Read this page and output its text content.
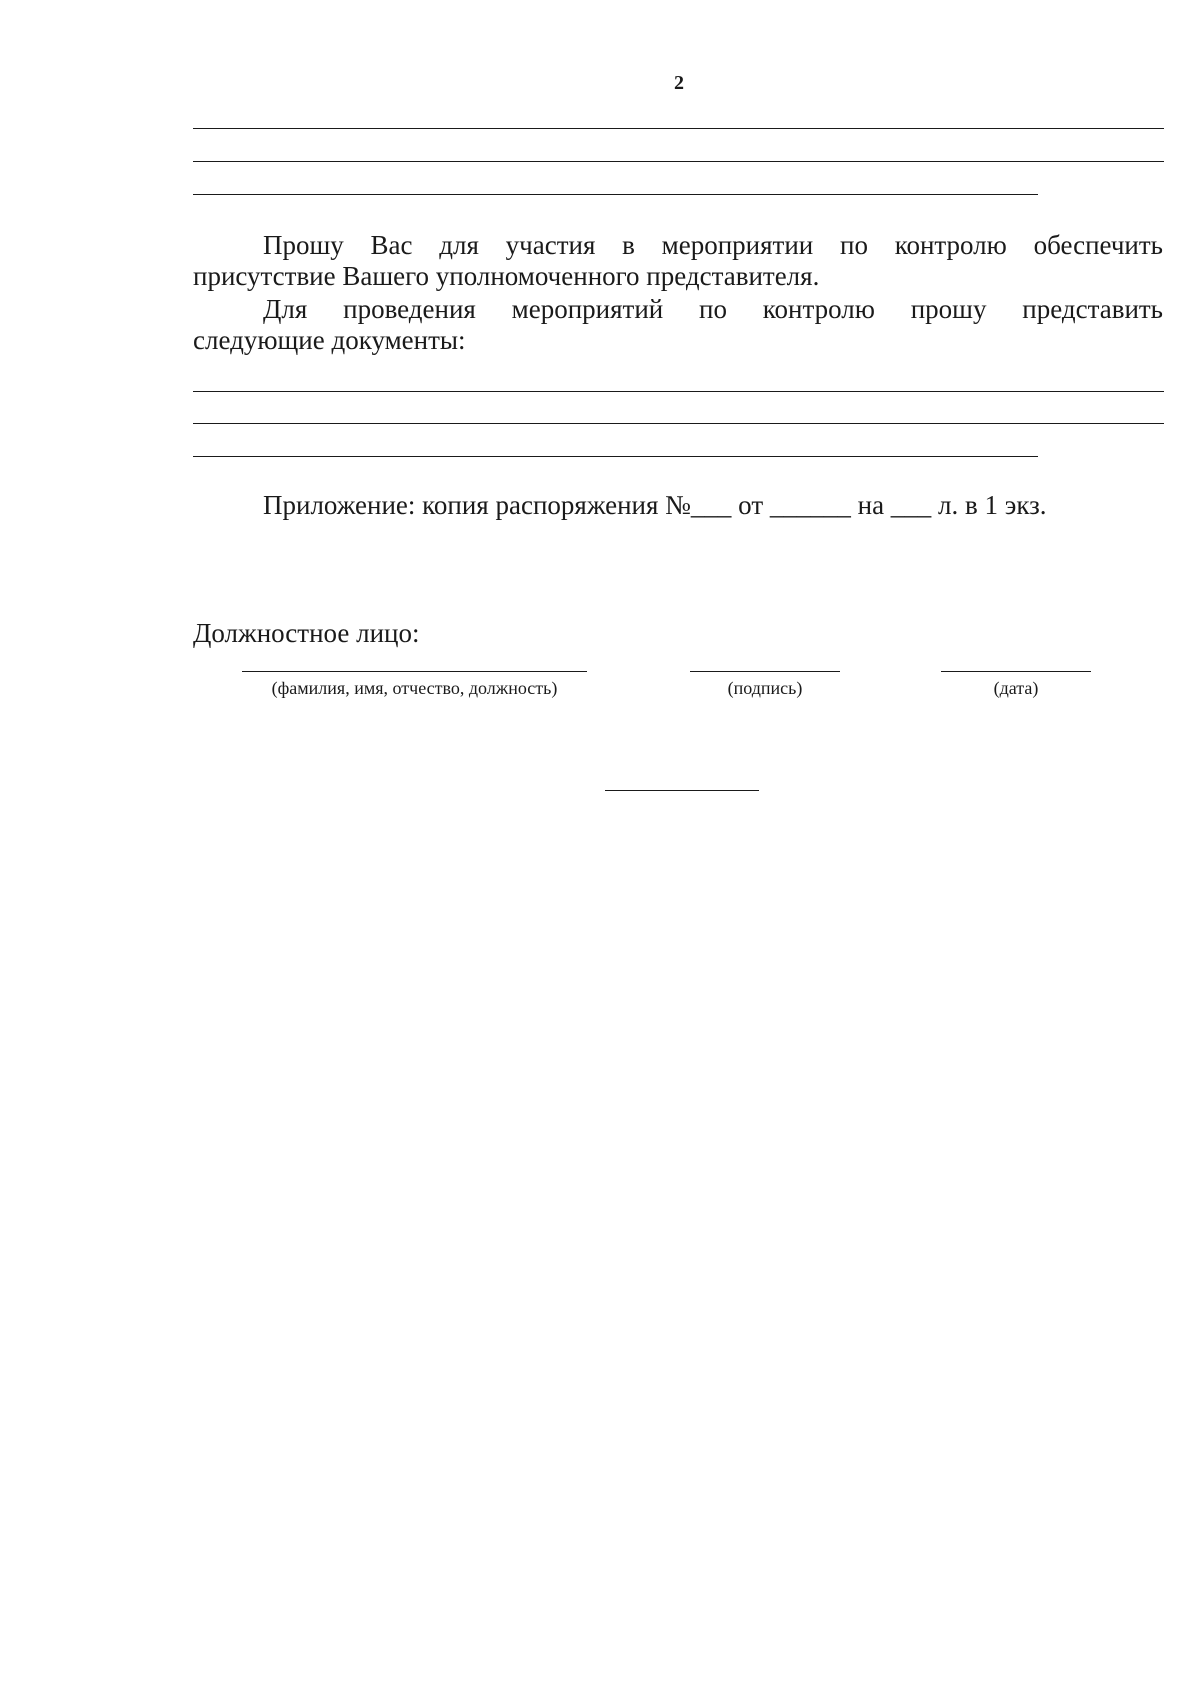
2
Прошу Вас для участия в мероприятии по контролю обеспечить
присутствие Вашего уполномоченного представителя.
Для проведения мероприятий по контролю прошу представить
следующие документы:
Приложение: копия распоряжения №___ от ______ на ___ л. в 1 экз.
Должностное лицо:
(фамилия, имя, отчество, должность)	(подпись)	(дата)
